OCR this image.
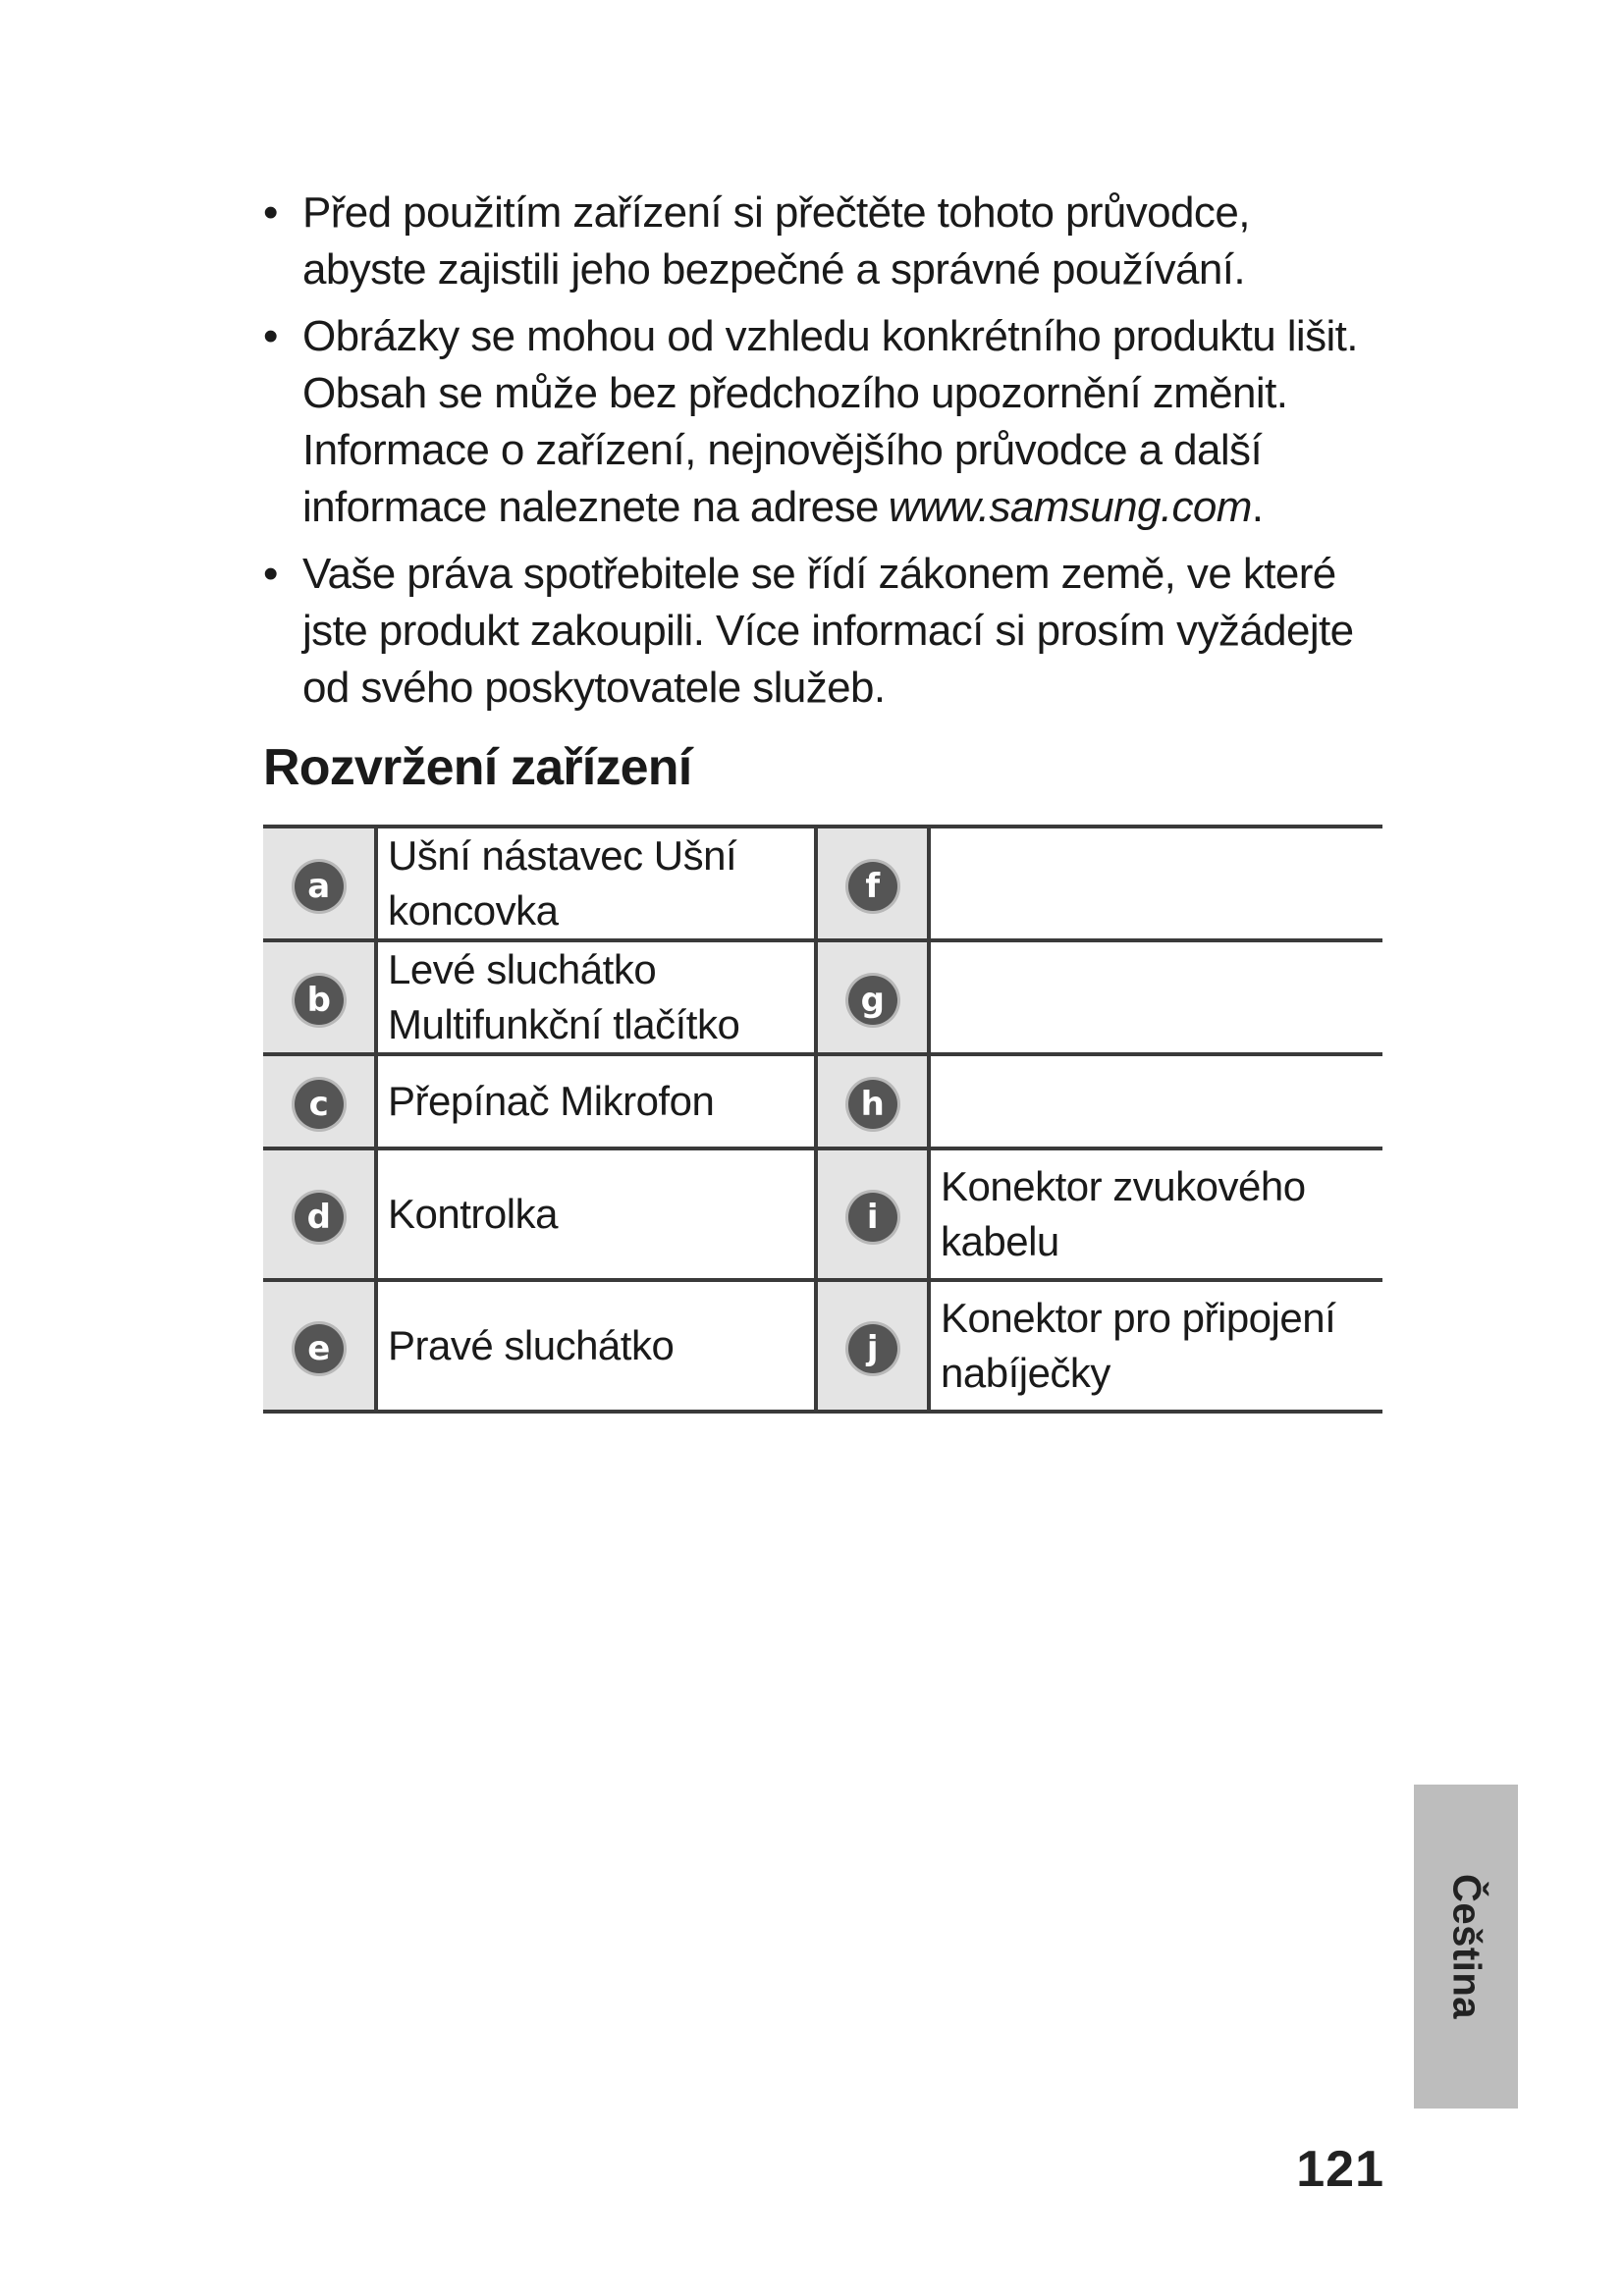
• Před použitím zařízení si přečtěte tohoto průvodce, abyste zajistili jeho bezpečné a správné používání.
• Obrázky se mohou od vzhledu konkrétního produktu lišit. Obsah se může bez předchozího upozornění změnit. Informace o zařízení, nejnovějšího průvodce a další informace naleznete na adrese www.samsung.com.
• Vaše práva spotřebitele se řídí zákonem země, ve které jste produkt zakoupili. Více informací si prosím vyžádejte od svého poskytovatele služeb.
Rozvržení zařízení
a	Ušní nástavec Ušní koncovka	f	
b	Levé sluchátko Multifunkční tlačítko	g	
c	Přepínač Mikrofon	h	
d	Kontrolka	i	Konektor zvukového kabelu
e	Pravé sluchátko	j	Konektor pro připojení nabíječky
Čeština
121
